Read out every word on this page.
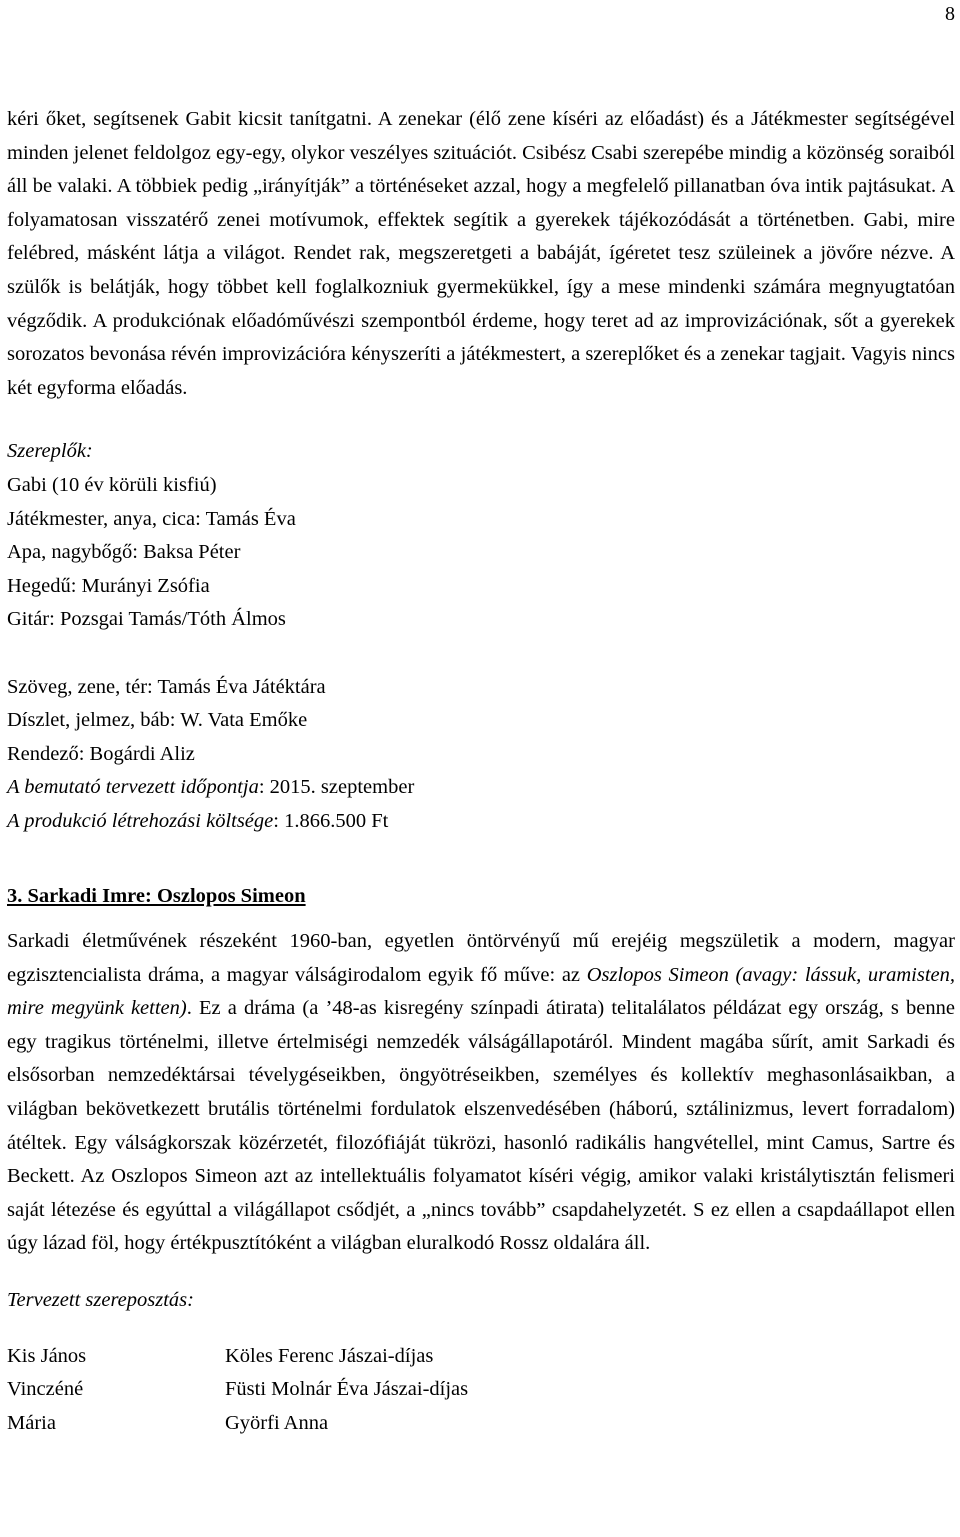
8

kéri őket, segítsenek Gabit kicsit tanítgatni. A zenekar (élő zene kíséri az előadást) és a Játékmester segítségével minden jelenet feldolgoz egy-egy, olykor veszélyes szituációt. Csibész Csabi szerepébe mindig a közönség soraiból áll be valaki. A többiek pedig „irányítják” a történéseket azzal, hogy a megfelelő pillanatban óva intik pajtásukat. A folyamatosan visszatérő zenei motívumok, effektek segítik a gyerekek tájékozódását a történetben. Gabi, mire felébred, másként látja a világot. Rendet rak, megszeretgeti a babáját, ígéretet tesz szüleinek a jövőre nézve. A szülők is belátják, hogy többet kell foglalkozniuk gyermekükkel, így a mese mindenki számára megnyugtatóan végződik. A produkciónak előadóművészi szempontból érdeme, hogy teret ad az improvizációnak, sőt a gyerekek sorozatos bevonása révén improvizációra kényszeríti a játékmestert, a szereplőket és a zenekar tagjait. Vagyis nincs két egyforma előadás.

Szereplők:
Gabi (10 év körüli kisfiú)
Játékmester, anya, cica: Tamás Éva
Apa, nagybőgő: Baksa Péter
Hegedű: Murányi Zsófia
Gitár: Pozsgai Tamás/Tóth Álmos
Szöveg, zene, tér: Tamás Éva Játéktára
Díszlet, jelmez, báb: W. Vata Emőke
Rendező: Bogárdi Aliz
A bemutató tervezett időpontja: 2015. szeptember
A produkció létrehozási költsége: 1.866.500 Ft
3. Sarkadi Imre: Oszlopos Simeon

Sarkadi életművének részeként 1960-ban, egyetlen öntörvényű mű erejéig megszületik a modern, magyar egzisztencialista dráma, a magyar válságirodalom egyik fő műve: az Oszlopos Simeon (avagy: lássuk, uramisten, mire megyünk ketten). Ez a dráma (a ’48-as kisregény színpadi átirata) telitalálatos példázat egy ország, s benne egy tragikus történelmi, illetve értelmiségi nemzedék válságállapotáról. Mindent magába sűrít, amit Sarkadi és elsősorban nemzedéktársai tévelygéseikben, öngyötréseikben, személyes és kollektív meghasonlásaikban, a világban bekövetkezett brutális történelmi fordulatok elszenvedésében (háború, sztálinizmus, levert forradalom) átéltek. Egy válságkorszak közérzetét, filozófiáját tükrözi, hasonló radikális hangvétellel, mint Camus, Sartre és Beckett. Az Oszlopos Simeon azt az intellektuális folyamatot kíséri végig, amikor valaki kristálytisztán felismeri saját létezése és egyúttal a világállapot csődjét, a „nincs tovább” csapdahelyzetét. S ez ellen a csapdaállapot ellen úgy lázad föl, hogy értékpusztítóként a világban eluralkodó Rossz oldalára áll.

Tervezett szereposztás:
Kis János	Köles Ferenc Jászai-díjas
Vinczéné	Füsti Molnár Éva Jászai-díjas
Mária	Györfi Anna
